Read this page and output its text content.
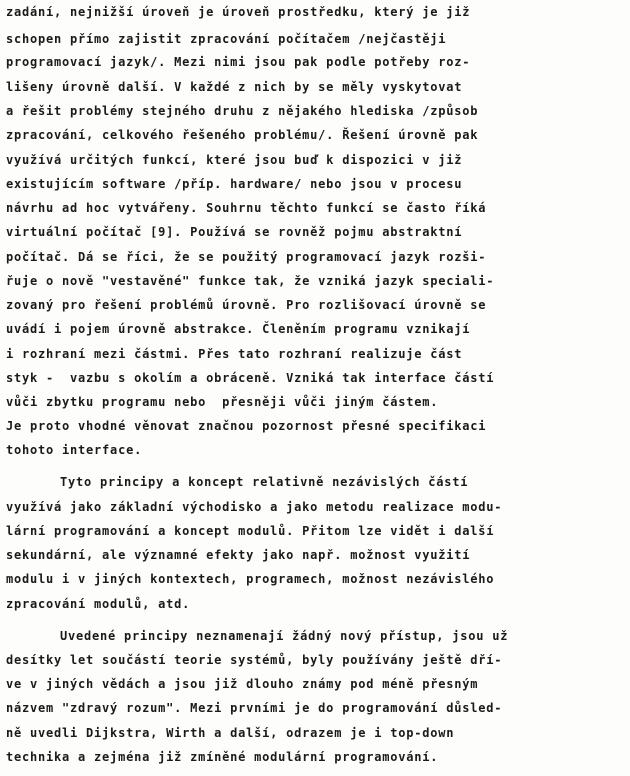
zadání, nejnižší úroveň je úroveň prostředku, který je již
schopen přímo zajistit zpracování počítačem /nejčastěji
programovací jazyk/. Mezi nimi jsou pak podle potřeby roz-
lišeny úrovně další. V každé z nich by se měly vyskytovat
a řešit problémy stejného druhu z nějakého hlediska /způsob
zpracování, celkového řešeného problému/. Řešení úrovně pak
využívá určitých funkcí, které jsou buď k dispozici v již
existujícím software /příp. hardware/ nebo jsou v procesu
návrhu ad hoc vytvářeny. Souhrnu těchto funkcí se často říká
virtuální počítač [9]. Používá se rovněž pojmu abstraktní
počítač. Dá se říci, že se použitý programovací jazyk rozši-
řuje o nově "vestavěné" funkce tak, že vzniká jazyk speciali-
zovaný pro řešení problémů úrovně. Pro rozlišovací úrovně se
uvádí i pojem úrovně abstrakce. Členěním programu vznikají
i rozhraní mezi částmi. Přes tato rozhraní realizuje část
styk -  vazbu s okolím a obráceně. Vzniká tak interface částí
vůči zbytku programu nebo  přesněji vůči jiným částem.
Je proto vhodné věnovat značnou pozornost přesné specifikaci
tohoto interface.
Tyto principy a koncept relativně nezávislých částí
využívá jako základní východisko a jako metodu realizace modu-
lární programování a koncept modulů. Přitom lze vidět i další
sekundární, ale významné efekty jako např. možnost využití
modulu i v jiných kontextech, programech, možnost nezávislého
zpracování modulů, atd.
Uvedené principy neznamenají žádný nový přístup, jsou už
desítky let součástí teorie systémů, byly používány ještě dří-
ve v jiných vědách a jsou již dlouho známy pod méně přesným
názvem "zdravý rozum". Mezi prvními je do programování důsled-
ně uvedli Dijkstra, Wirth a další, odrazem je i top-down
technika a zejména již zmíněné modulární programování.
